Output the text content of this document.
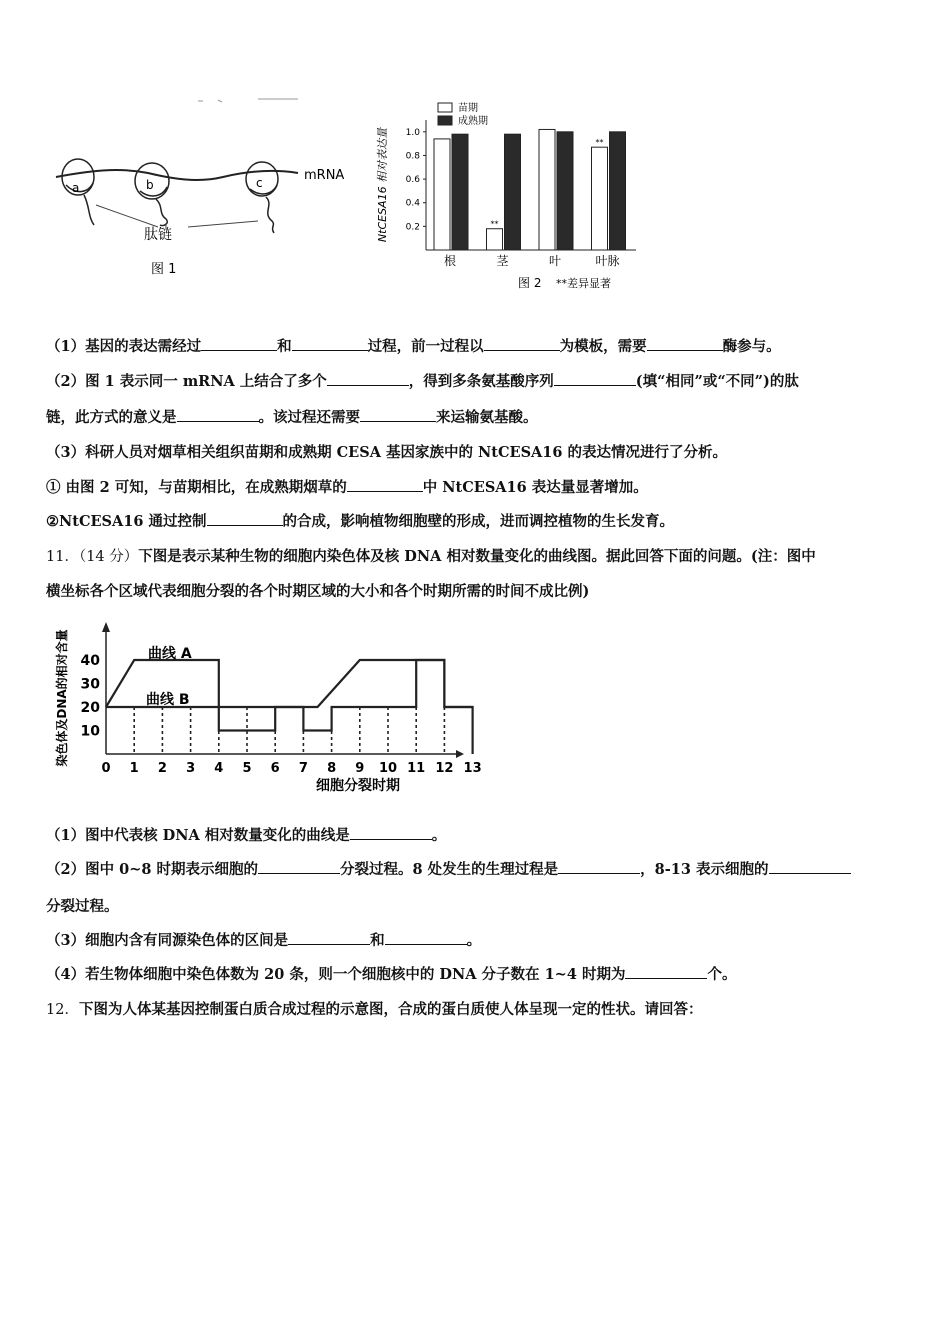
a	b	c	mRNA
肽链
图 1
0.2
0.4
0.6
0.8
1.0
NtCESA16 相对表达量
根
**
茎	叶
**
叶脉
苗期
成熟期
图 2 **差异显著
（1）基因的表达需经过	和	过程，前一过程以	为模板，需要	酶参与。
（2）图 1 表示同一 mRNA 上结合了多个	，得到多条氨基酸序列	(填“相同”或“不同”)的肽
链，此方式的意义是	。该过程还需要	来运输氨基酸。
（3）科研人员对烟草相关组织苗期和成熟期 CESA 基因家族中的 NtCESA16 的表达情况进行了分析。
① 由图 2 可知，与苗期相比，在成熟期烟草的	中 NtCESA16 表达量显著增加。
②NtCESA16 通过控制	的合成，影响植物细胞壁的形成，进而调控植物的生长发育。
11．（14 分）下图是表示某种生物的细胞内染色体及核 DNA 相对数量变化的曲线图。据此回答下面的问题。(注：图中
横坐标各个区域代表细胞分裂的各个时期区域的大小和各个时期所需的时间不成比例)
10
20
30
40
0 1 2 3 4 5 6 7 8 9 10 11 12 13
染色体及DNA的相对含量
细胞分裂时期
曲线 A
曲线 B
（1）图中代表核 DNA 相对数量变化的曲线是	。
（2）图中 0~8 时期表示细胞的	分裂过程。8 处发生的生理过程是	，8-13 表示细胞的
分裂过程。
（3）细胞内含有同源染色体的区间是	和	。
（4）若生物体细胞中染色体数为 20 条，则一个细胞核中的 DNA 分子数在 1~4 时期为	个。
12．下图为人体某基因控制蛋白质合成过程的示意图，合成的蛋白质使人体呈现一定的性状。请回答：
